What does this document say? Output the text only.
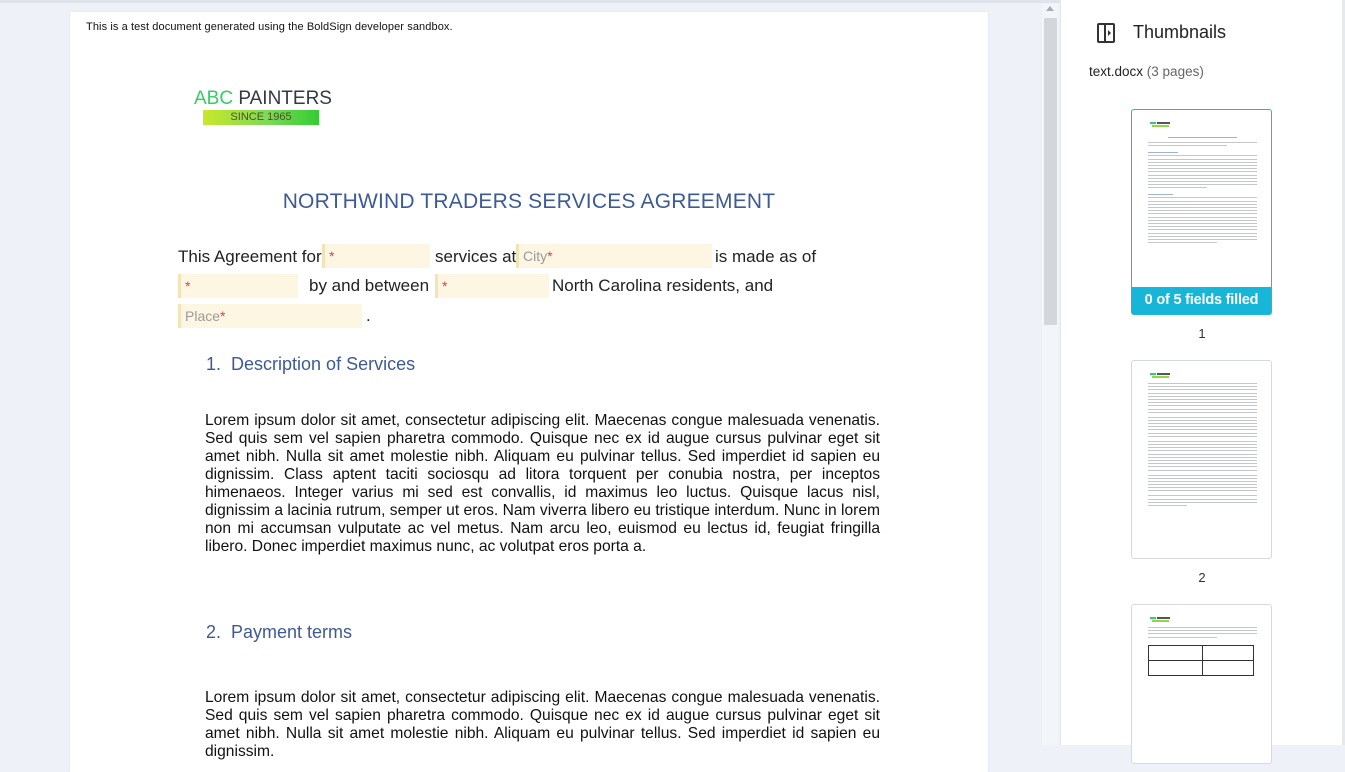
This is a test document generated using the BoldSign developer sandbox.
ABC PAINTERS
SINCE 1965
NORTHWIND TRADERS SERVICES AGREEMENT
This Agreement for *	services at City*	is made as of
*	by and between *	North Carolina residents, and
Place*	.
1. Description of Services
Lorem ipsum dolor sit amet, consectetur adipiscing elit. Maecenas congue malesuada venenatis. Sed quis sem vel sapien pharetra commodo. Quisque nec ex id augue cursus pulvinar eget sit amet nibh. Nulla sit amet molestie nibh. Aliquam eu pulvinar tellus. Sed imperdiet id sapien eu dignissim. Class aptent taciti sociosqu ad litora torquent per conubia nostra, per inceptos himenaeos. Integer varius mi sed est convallis, id maximus leo luctus. Quisque lacus nisl, dignissim a lacinia rutrum, semper ut eros. Nam viverra libero eu tristique interdum. Nunc in lorem non mi accumsan vulputate ac vel metus. Nam arcu leo, euismod eu lectus id, feugiat fringilla libero. Donec imperdiet maximus nunc, ac volutpat eros porta a.
2. Payment terms
Lorem ipsum dolor sit amet, consectetur adipiscing elit. Maecenas congue malesuada venenatis. Sed quis sem vel sapien pharetra commodo. Quisque nec ex id augue cursus pulvinar eget sit amet nibh. Nulla sit amet molestie nibh. Aliquam eu pulvinar tellus. Sed imperdiet id sapien eu dignissim.
Thumbnails
text.docx (3 pages)
0 of 5 fields filled
1
2
